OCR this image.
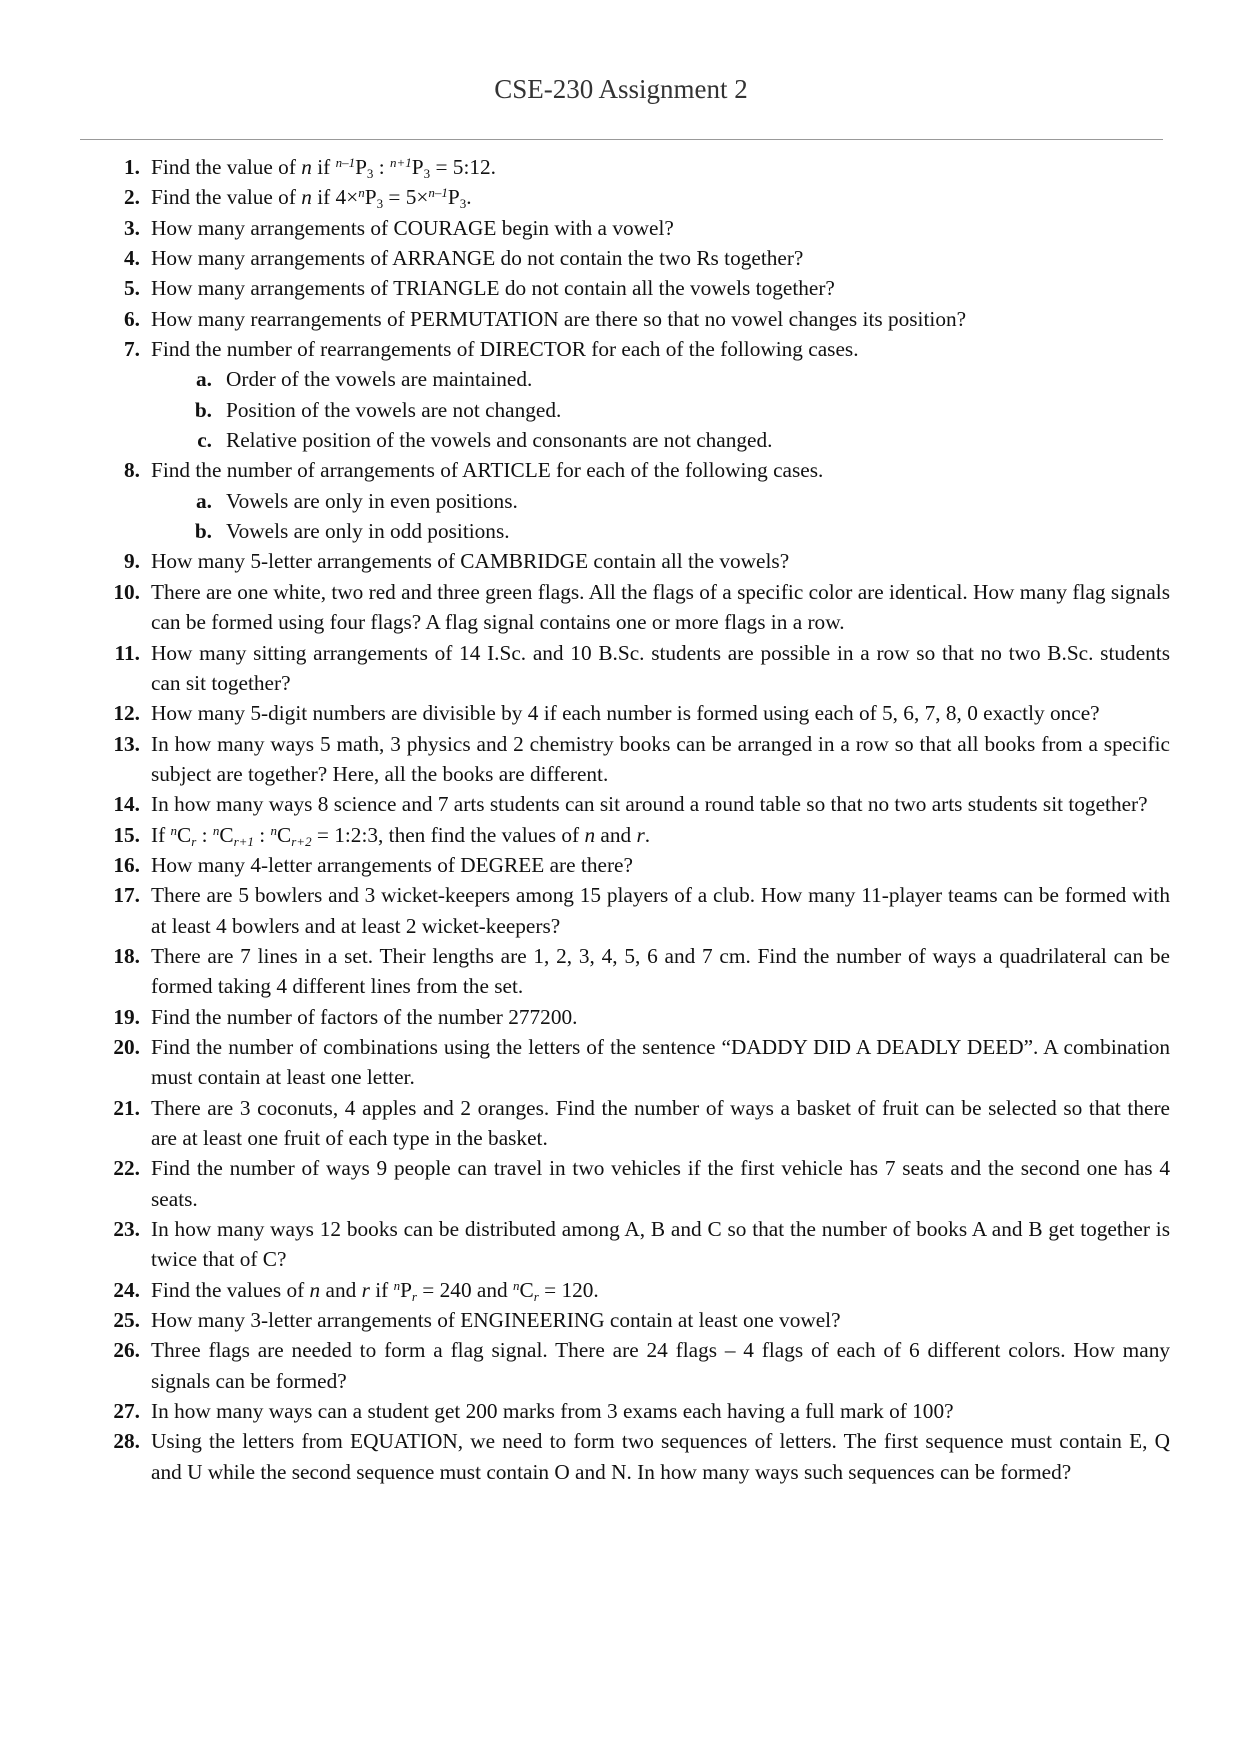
CSE-230 Assignment 2
1. Find the value of n if $^{n-1}$P3 : $^{n+1}$P3 = 5:12.
2. Find the value of n if 4×$^n$P3 = 5×$^{n-1}$P3.
3. How many arrangements of COURAGE begin with a vowel?
4. How many arrangements of ARRANGE do not contain the two Rs together?
5. How many arrangements of TRIANGLE do not contain all the vowels together?
6. How many rearrangements of PERMUTATION are there so that no vowel changes its position?
7. Find the number of rearrangements of DIRECTOR for each of the following cases.
a. Order of the vowels are maintained.
b. Position of the vowels are not changed.
c. Relative position of the vowels and consonants are not changed.
8. Find the number of arrangements of ARTICLE for each of the following cases.
a. Vowels are only in even positions.
b. Vowels are only in odd positions.
9. How many 5-letter arrangements of CAMBRIDGE contain all the vowels?
10. There are one white, two red and three green flags. All the flags of a specific color are identical. How many flag signals can be formed using four flags? A flag signal contains one or more flags in a row.
11. How many sitting arrangements of 14 I.Sc. and 10 B.Sc. students are possible in a row so that no two B.Sc. students can sit together?
12. How many 5-digit numbers are divisible by 4 if each number is formed using each of 5, 6, 7, 8, 0 exactly once?
13. In how many ways 5 math, 3 physics and 2 chemistry books can be arranged in a row so that all books from a specific subject are together? Here, all the books are different.
14. In how many ways 8 science and 7 arts students can sit around a round table so that no two arts students sit together?
15. If $^n$Cr : $^n$Cr+1 : $^n$Cr+2 = 1:2:3, then find the values of n and r.
16. How many 4-letter arrangements of DEGREE are there?
17. There are 5 bowlers and 3 wicket-keepers among 15 players of a club. How many 11-player teams can be formed with at least 4 bowlers and at least 2 wicket-keepers?
18. There are 7 lines in a set. Their lengths are 1, 2, 3, 4, 5, 6 and 7 cm. Find the number of ways a quadrilateral can be formed taking 4 different lines from the set.
19. Find the number of factors of the number 277200.
20. Find the number of combinations using the letters of the sentence “DADDY DID A DEADLY DEED”. A combination must contain at least one letter.
21. There are 3 coconuts, 4 apples and 2 oranges. Find the number of ways a basket of fruit can be selected so that there are at least one fruit of each type in the basket.
22. Find the number of ways 9 people can travel in two vehicles if the first vehicle has 7 seats and the second one has 4 seats.
23. In how many ways 12 books can be distributed among A, B and C so that the number of books A and B get together is twice that of C?
24. Find the values of n and r if $^n$Pr = 240 and $^n$Cr = 120.
25. How many 3-letter arrangements of ENGINEERING contain at least one vowel?
26. Three flags are needed to form a flag signal. There are 24 flags – 4 flags of each of 6 different colors. How many signals can be formed?
27. In how many ways can a student get 200 marks from 3 exams each having a full mark of 100?
28. Using the letters from EQUATION, we need to form two sequences of letters. The first sequence must contain E, Q and U while the second sequence must contain O and N. In how many ways such sequences can be formed?
